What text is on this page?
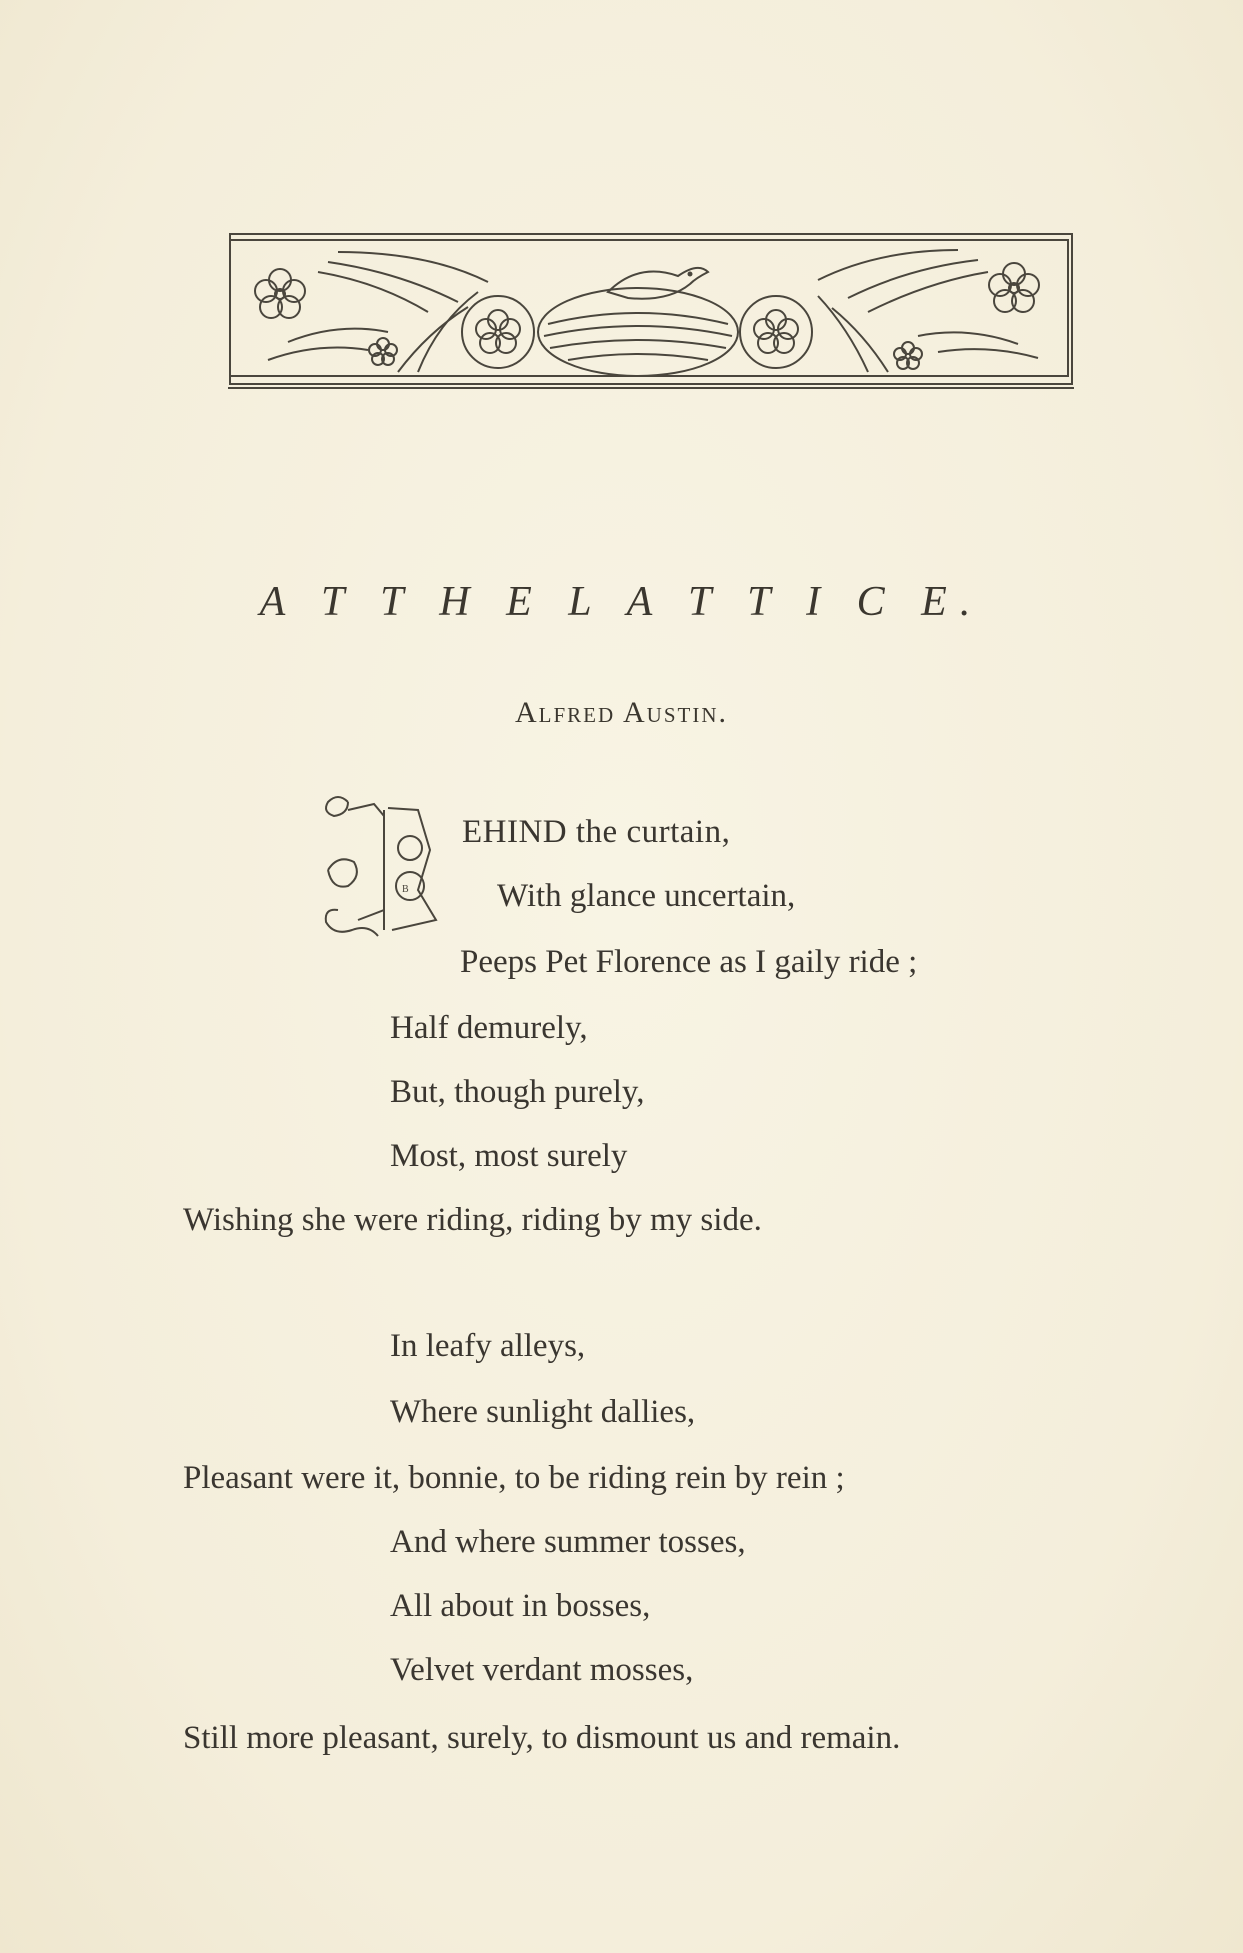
A T T H E L A T T I C E.
Alfred Austin.
B
EHIND the curtain,
With glance uncertain,
Peeps Pet Florence as I gaily ride ;
Half demurely,
But, though purely,
Most, most surely
Wishing she were riding, riding by my side.
In leafy alleys,
Where sunlight dallies,
Pleasant were it, bonnie, to be riding rein by rein ;
And where summer tosses,
All about in bosses,
Velvet verdant mosses,
Still more pleasant, surely, to dismount us and remain.
